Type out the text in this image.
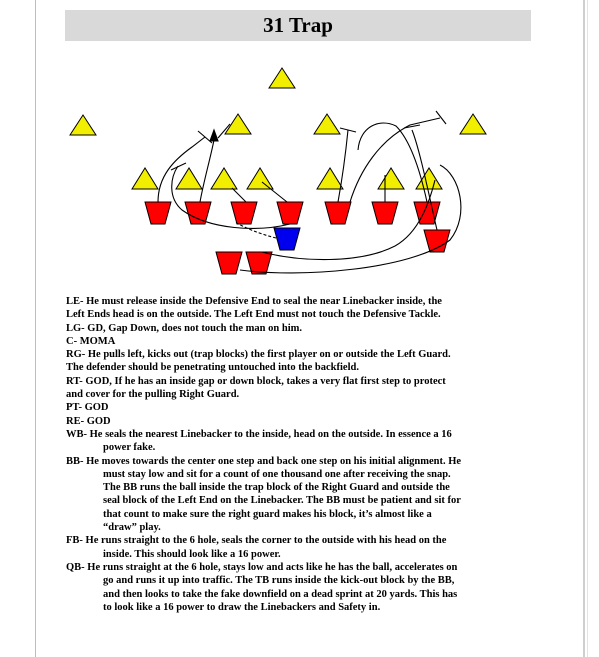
31 Trap
LE- He must release inside the Defensive End to seal the near Linebacker inside, the
Left Ends head is on the outside. The Left End must not touch the Defensive Tackle.
LG- GD, Gap Down, does not touch the man on him.
C- MOMA
RG- He pulls left, kicks out (trap blocks) the first player on or outside the Left Guard.
The defender should be penetrating untouched into the backfield.
RT- GOD, If he has an inside gap or down block, takes a very flat first step to protect
and cover for the pulling Right Guard.
PT- GOD
RE- GOD
WB- He seals the nearest Linebacker to the inside, head on the outside. In essence a 16
power fake.
BB- He moves towards the center one step and back one step on his initial alignment. He
must stay low and sit for a count of one thousand one after receiving the snap.
The BB runs the ball inside the trap block of the Right Guard and outside the
seal block of the Left End on the Linebacker. The BB must be patient and sit for
that count to make sure the right guard makes his block, it’s almost like a
“draw” play.
FB- He runs straight to the 6 hole, seals the corner to the outside with his head on the
inside. This should look like a 16 power.
QB- He runs straight at the 6 hole, stays low and acts like he has the ball, accelerates on
go and runs it up into traffic. The TB runs inside the kick-out block by the BB,
and then looks to take the fake downfield on a dead sprint at 20 yards. This has
to look like a 16 power to draw the Linebackers and Safety in.
